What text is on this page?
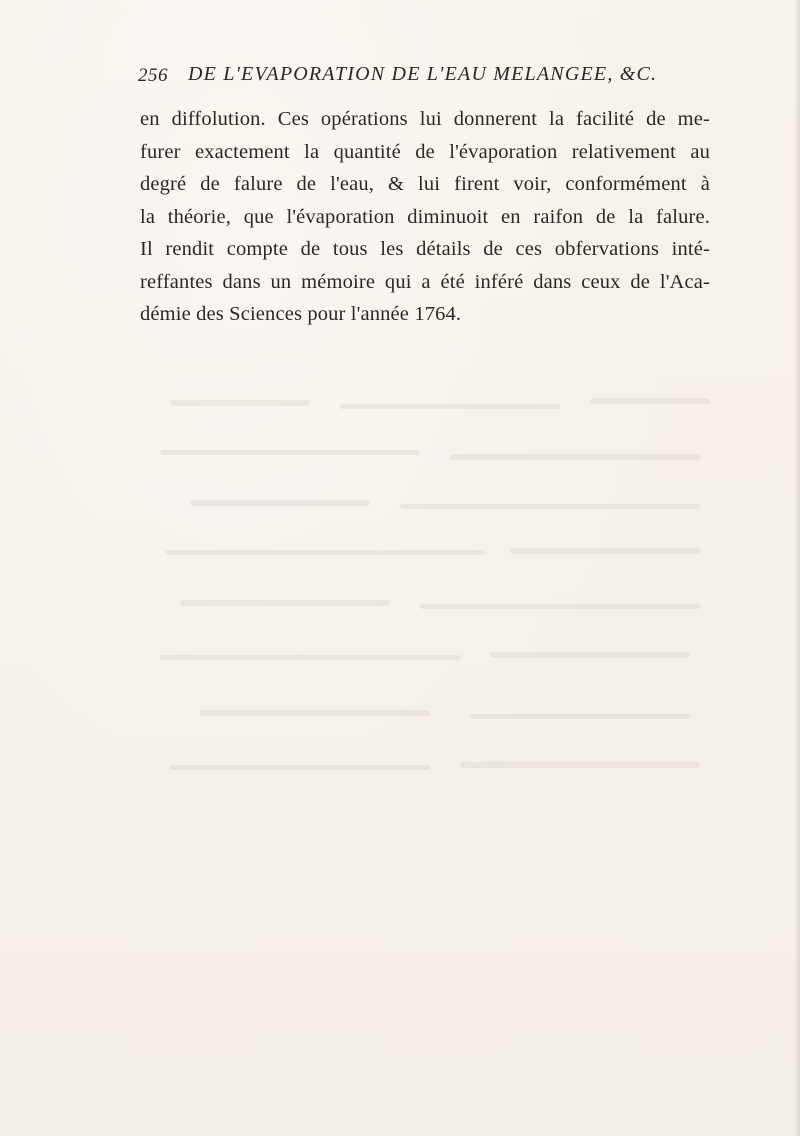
256 DE L'EVAPORATION DE L'EAU MELANGEE, &C.
en diffolution. Ces opérations lui donnerent la facilité de me-
furer exactement la quantité de l'évaporation relativement au
degré de falure de l'eau, & lui firent voir, conformément à
la théorie, que l'évaporation diminuoit en raifon de la falure.
Il rendit compte de tous les détails de ces obfervations inté-
reffantes dans un mémoire qui a été inféré dans ceux de l'Aca-
démie des Sciences pour l'année 1764.
